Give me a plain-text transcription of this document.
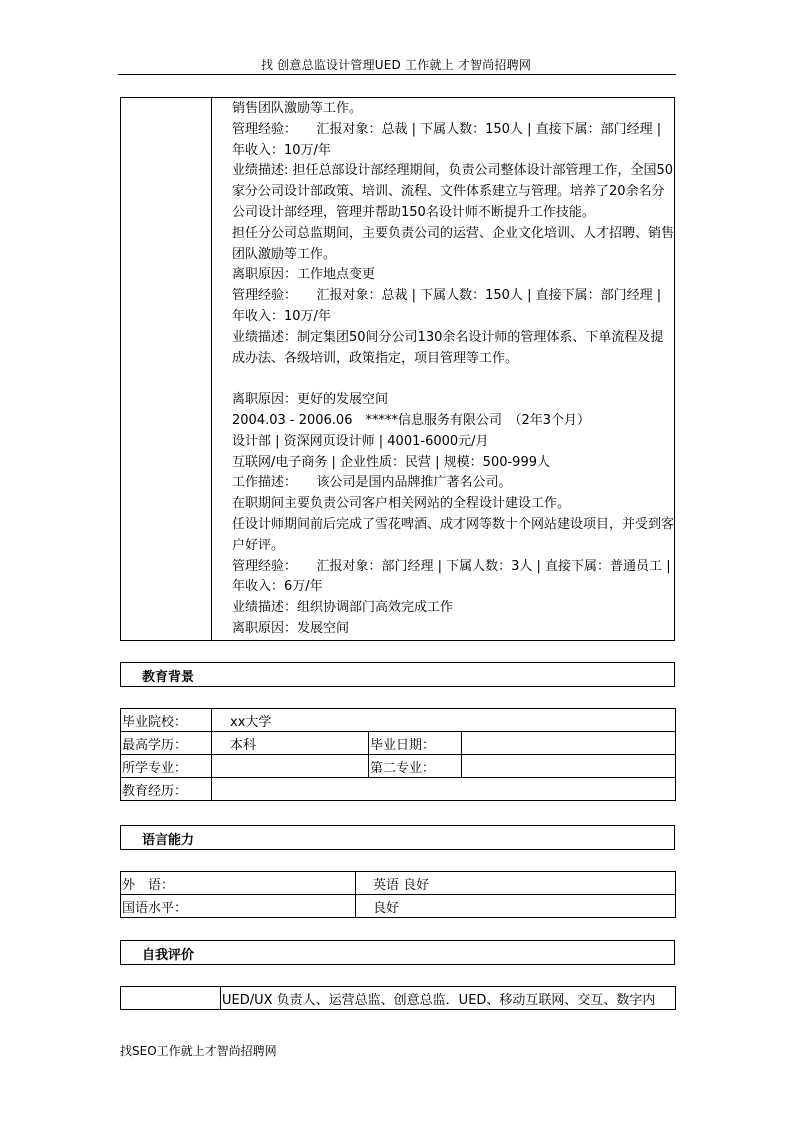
找 创意总监设计管理UED 工作就上 才智尚招聘网

销售团队激励等工作。

管理经验：　　汇报对象：总裁 | 下属人数：150人 | 直接下属：部门经理 | 年收入：10万/年

业绩描述: 担任总部设计部经理期间，负责公司整体设计部管理工作，全国50家分公司设计部政策、培训、流程、文件体系建立与管理。培养了20余名分公司设计部经理，管理并帮助150名设计师不断提升工作技能。

担任分公司总监期间，主要负责公司的运营、企业文化培训、人才招聘、销售团队激励等工作。

离职原因：工作地点变更

管理经验：　　汇报对象：总裁 | 下属人数：150人 | 直接下属：部门经理 | 年收入：10万/年

业绩描述：制定集团50间分公司130余名设计师的管理体系、下单流程及提成办法、各级培训，政策指定，项目管理等工作。

离职原因：更好的发展空间

2004.03 - 2006.06　*****信息服务有限公司　（2年3个月）

设计部 | 资深网页设计师 | 4001-6000元/月

互联网/电子商务 | 企业性质：民营 | 规模：500-999人

工作描述：　　该公司是国内品牌推广著名公司。

在职期间主要负责公司客户相关网站的全程设计建设工作。

任设计师期间前后完成了雪花啤酒、成才网等数十个网站建设项目，并受到客户好评。

管理经验：　　汇报对象：部门经理 | 下属人数：3人 | 直接下属：普通员工 | 年收入：6万/年

业绩描述：组织协调部门高效完成工作

离职原因：发展空间

教育背景
毕业院校：	xx大学		
最高学历：	本科	毕业日期：	
所学专业：		第二专业：	
教育经历：			
语言能力
外　语：	英语 良好
国语水平：	良好
自我评价
	UED/UX 负责人、运营总监、创意总监．UED、移动互联网、交互、数字内
找SEO工作就上才智尚招聘网
